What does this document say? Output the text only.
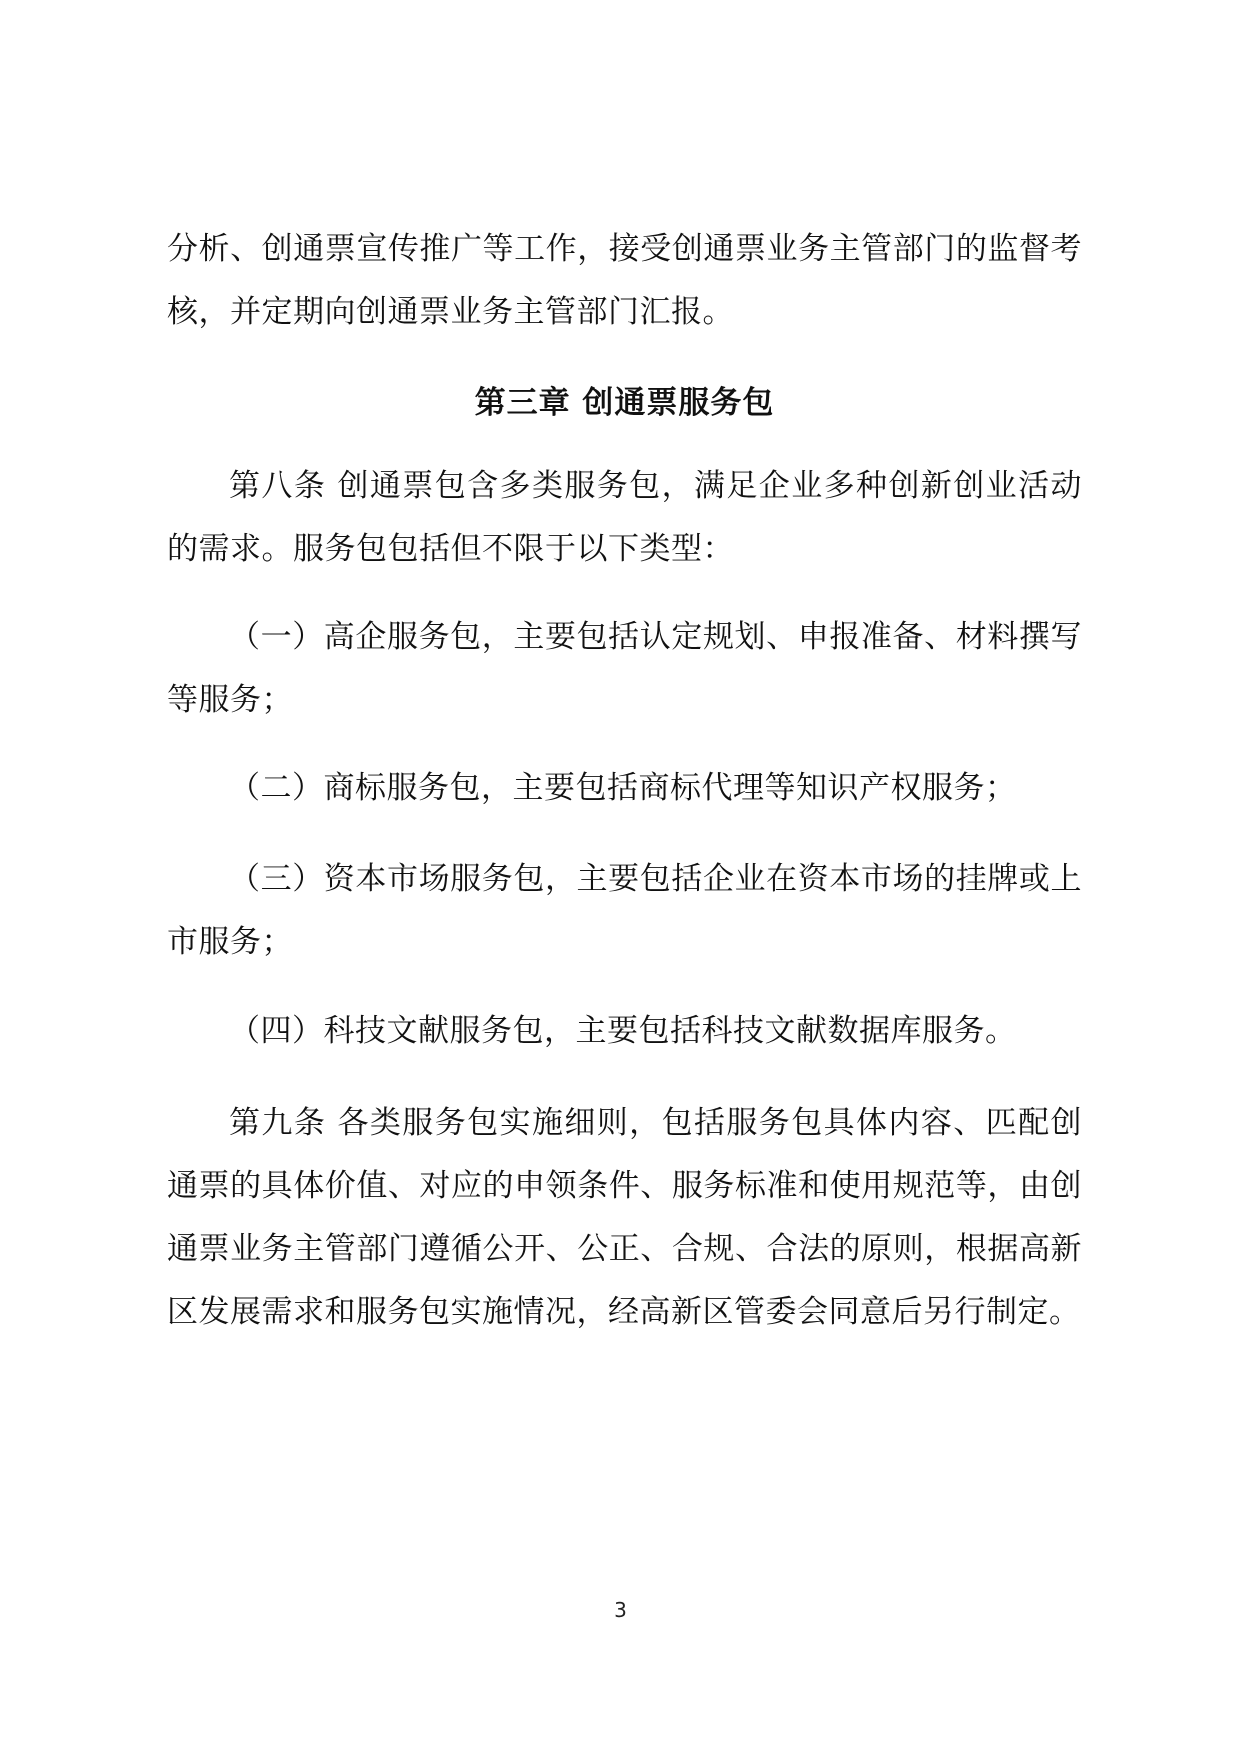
分析、创通票宣传推广等工作，接受创通票业务主管部门的监督考核，并定期向创通票业务主管部门汇报。

第三章 创通票服务包

第八条 创通票包含多类服务包，满足企业多种创新创业活动的需求。服务包包括但不限于以下类型：

（一）高企服务包，主要包括认定规划、申报准备、材料撰写等服务；

（二）商标服务包，主要包括商标代理等知识产权服务；

（三）资本市场服务包，主要包括企业在资本市场的挂牌或上市服务；

（四）科技文献服务包，主要包括科技文献数据库服务。

第九条 各类服务包实施细则，包括服务包具体内容、匹配创通票的具体价值、对应的申领条件、服务标准和使用规范等，由创通票业务主管部门遵循公开、公正、合规、合法的原则，根据高新区发展需求和服务包实施情况，经高新区管委会同意后另行制定。

3
